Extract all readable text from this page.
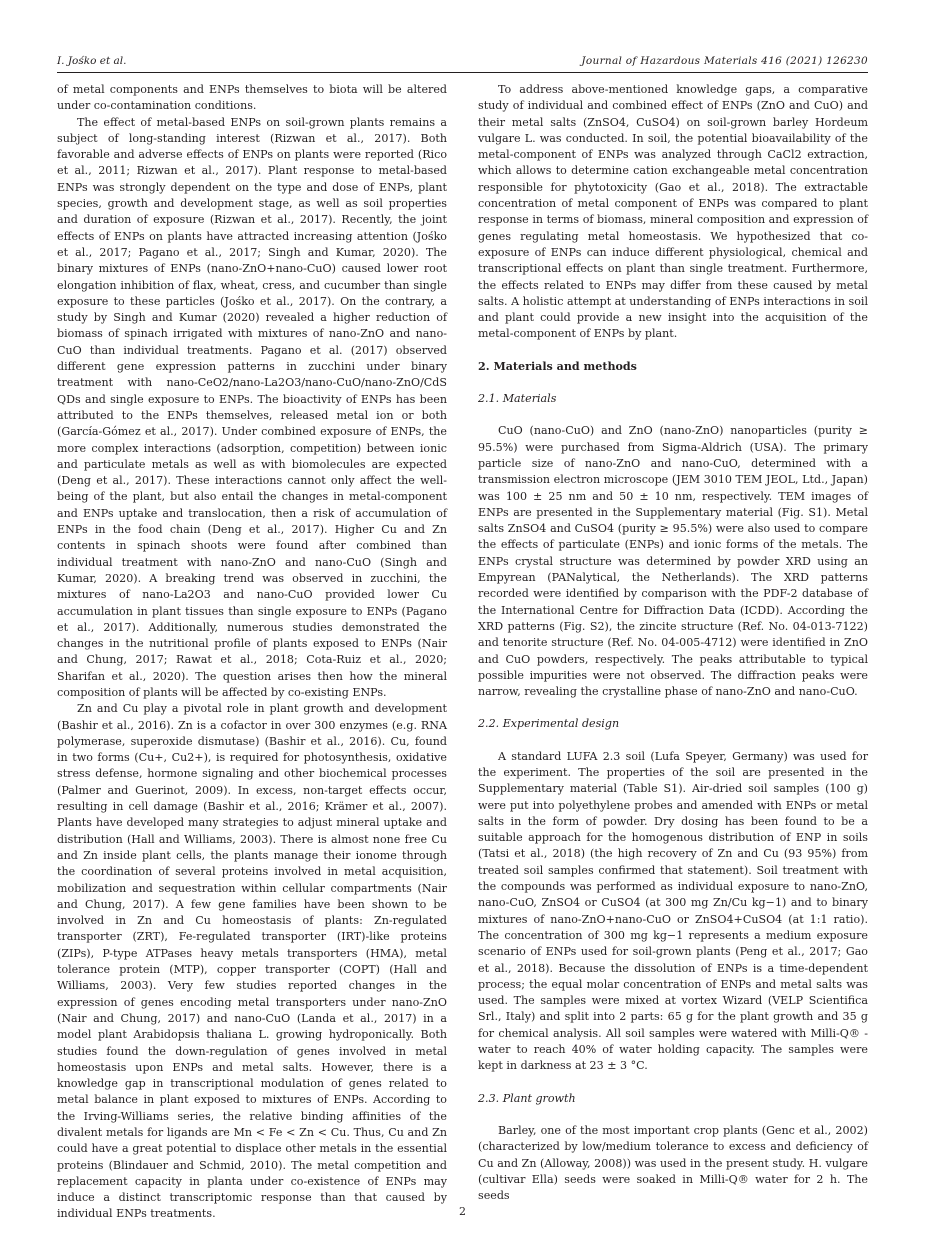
I. Jośko et al.	Journal of Hazardous Materials 416 (2021) 126230

of metal components and ENPs themselves to biota will be altered under co-contamination conditions.

The effect of metal-based ENPs on soil-grown plants remains a subject of long-standing interest (Rizwan et al., 2017). Both favorable and adverse effects of ENPs on plants were reported (Rico et al., 2011; Rizwan et al., 2017). Plant response to metal-based ENPs was strongly dependent on the type and dose of ENPs, plant species, growth and development stage, as well as soil properties and duration of exposure (Rizwan et al., 2017). Recently, the joint effects of ENPs on plants have attracted increasing attention (Jośko et al., 2017; Pagano et al., 2017; Singh and Kumar, 2020). The binary mixtures of ENPs (nano-ZnO+nano-CuO) caused lower root elongation inhibition of flax, wheat, cress, and cucumber than single exposure to these particles (Jośko et al., 2017). On the contrary, a study by Singh and Kumar (2020) revealed a higher reduction of biomass of spinach irrigated with mixtures of nano-ZnO and nano-CuO than individual treatments. Pagano et al. (2017) observed different gene expression patterns in zucchini under binary treatment with nano-CeO2/nano-La2O3/nano-CuO/nano-ZnO/CdS QDs and single exposure to ENPs. The bioactivity of ENPs has been attributed to the ENPs themselves, released metal ion or both (García-Gómez et al., 2017). Under combined exposure of ENPs, the more complex interactions (adsorption, competition) between ionic and particulate metals as well as with biomolecules are expected (Deng et al., 2017). These interactions cannot only affect the well-being of the plant, but also entail the changes in metal-component and ENPs uptake and translocation, then a risk of accumulation of ENPs in the food chain (Deng et al., 2017). Higher Cu and Zn contents in spinach shoots were found after combined than individual treatment with nano-ZnO and nano-CuO (Singh and Kumar, 2020). A breaking trend was observed in zucchini, the mixtures of nano-La2O3 and nano-CuO provided lower Cu accumulation in plant tissues than single exposure to ENPs (Pagano et al., 2017). Additionally, numerous studies demonstrated the changes in the nutritional profile of plants exposed to ENPs (Nair and Chung, 2017; Rawat et al., 2018; Cota-Ruiz et al., 2020; Sharifan et al., 2020). The question arises then how the mineral composition of plants will be affected by co-existing ENPs.

Zn and Cu play a pivotal role in plant growth and development (Bashir et al., 2016). Zn is a cofactor in over 300 enzymes (e.g. RNA polymerase, superoxide dismutase) (Bashir et al., 2016). Cu, found in two forms (Cu+, Cu2+), is required for photosynthesis, oxidative stress defense, hormone signaling and other biochemical processes (Palmer and Guerinot, 2009). In excess, non-target effects occur, resulting in cell damage (Bashir et al., 2016; Krämer et al., 2007). Plants have developed many strategies to adjust mineral uptake and distribution (Hall and Williams, 2003). There is almost none free Cu and Zn inside plant cells, the plants manage their ionome through the coordination of several proteins involved in metal acquisition, mobilization and sequestration within cellular compartments (Nair and Chung, 2017). A few gene families have been shown to be involved in Zn and Cu homeostasis of plants: Zn-regulated transporter (ZRT), Fe-regulated transporter (IRT)-like proteins (ZIPs), P-type ATPases heavy metals transporters (HMA), metal tolerance protein (MTP), copper transporter (COPT) (Hall and Williams, 2003). Very few studies reported changes in the expression of genes encoding metal transporters under nano-ZnO (Nair and Chung, 2017) and nano-CuO (Landa et al., 2017) in a model plant Arabidopsis thaliana L. growing hydroponically. Both studies found the down-regulation of genes involved in metal homeostasis upon ENPs and metal salts. However, there is a knowledge gap in transcriptional modulation of genes related to metal balance in plant exposed to mixtures of ENPs. According to the Irving-Williams series, the relative binding affinities of the divalent metals for ligands are Mn < Fe < Zn < Cu. Thus, Cu and Zn could have a great potential to displace other metals in the essential proteins (Blindauer and Schmid, 2010). The metal competition and replacement capacity in planta under co-existence of ENPs may induce a distinct transcriptomic response than that caused by individual ENPs treatments.

To address above-mentioned knowledge gaps, a comparative study of individual and combined effect of ENPs (ZnO and CuO) and their metal salts (ZnSO4, CuSO4) on soil-grown barley Hordeum vulgare L. was conducted. In soil, the potential bioavailability of the metal-component of ENPs was analyzed through CaCl2 extraction, which allows to determine cation exchangeable metal concentration responsible for phytotoxicity (Gao et al., 2018). The extractable concentration of metal component of ENPs was compared to plant response in terms of biomass, mineral composition and expression of genes regulating metal homeostasis. We hypothesized that co-exposure of ENPs can induce different physiological, chemical and transcriptional effects on plant than single treatment. Furthermore, the effects related to ENPs may differ from these caused by metal salts. A holistic attempt at understanding of ENPs interactions in soil and plant could provide a new insight into the acquisition of the metal-component of ENPs by plant.

2. Materials and methods

2.1. Materials

CuO (nano-CuO) and ZnO (nano-ZnO) nanoparticles (purity ≥ 95.5%) were purchased from Sigma-Aldrich (USA). The primary particle size of nano-ZnO and nano-CuO, determined with a transmission electron microscope (JEM 3010 TEM JEOL, Ltd., Japan) was 100 ± 25 nm and 50 ± 10 nm, respectively. TEM images of ENPs are presented in the Supplementary material (Fig. S1). Metal salts ZnSO4 and CuSO4 (purity ≥ 95.5%) were also used to compare the effects of particulate (ENPs) and ionic forms of the metals. The ENPs crystal structure was determined by powder XRD using an Empyrean (PANalytical, the Netherlands). The XRD patterns recorded were identified by comparison with the PDF-2 database of the International Centre for Diffraction Data (ICDD). According the XRD patterns (Fig. S2), the zincite structure (Ref. No. 04-013-7122) and tenorite structure (Ref. No. 04-005-4712) were identified in ZnO and CuO powders, respectively. The peaks attributable to typical possible impurities were not observed. The diffraction peaks were narrow, revealing the crystalline phase of nano-ZnO and nano-CuO.

2.2. Experimental design

A standard LUFA 2.3 soil (Lufa Speyer, Germany) was used for the experiment. The properties of the soil are presented in the Supplementary material (Table S1). Air-dried soil samples (100 g) were put into polyethylene probes and amended with ENPs or metal salts in the form of powder. Dry dosing has been found to be a suitable approach for the homogenous distribution of ENP in soils (Tatsi et al., 2018) (the high recovery of Zn and Cu (93 95%) from treated soil samples confirmed that statement). Soil treatment with the compounds was performed as individual exposure to nano-ZnO, nano-CuO, ZnSO4 or CuSO4 (at 300 mg Zn/Cu kg−1) and to binary mixtures of nano-ZnO+nano-CuO or ZnSO4+CuSO4 (at 1:1 ratio). The concentration of 300 mg kg−1 represents a medium exposure scenario of ENPs used for soil-grown plants (Peng et al., 2017; Gao et al., 2018). Because the dissolution of ENPs is a time-dependent process; the equal molar concentration of ENPs and metal salts was used. The samples were mixed at vortex Wizard (VELP Scientifica Srl., Italy) and split into 2 parts: 65 g for the plant growth and 35 g for chemical analysis. All soil samples were watered with Milli-Q® -water to reach 40% of water holding capacity. The samples were kept in darkness at 23 ± 3 °C.

2.3. Plant growth

Barley, one of the most important crop plants (Genc et al., 2002) (characterized by low/medium tolerance to excess and deficiency of Cu and Zn (Alloway, 2008)) was used in the present study. H. vulgare (cultivar Ella) seeds were soaked in Milli-Q® water for 2 h. The seeds

2
